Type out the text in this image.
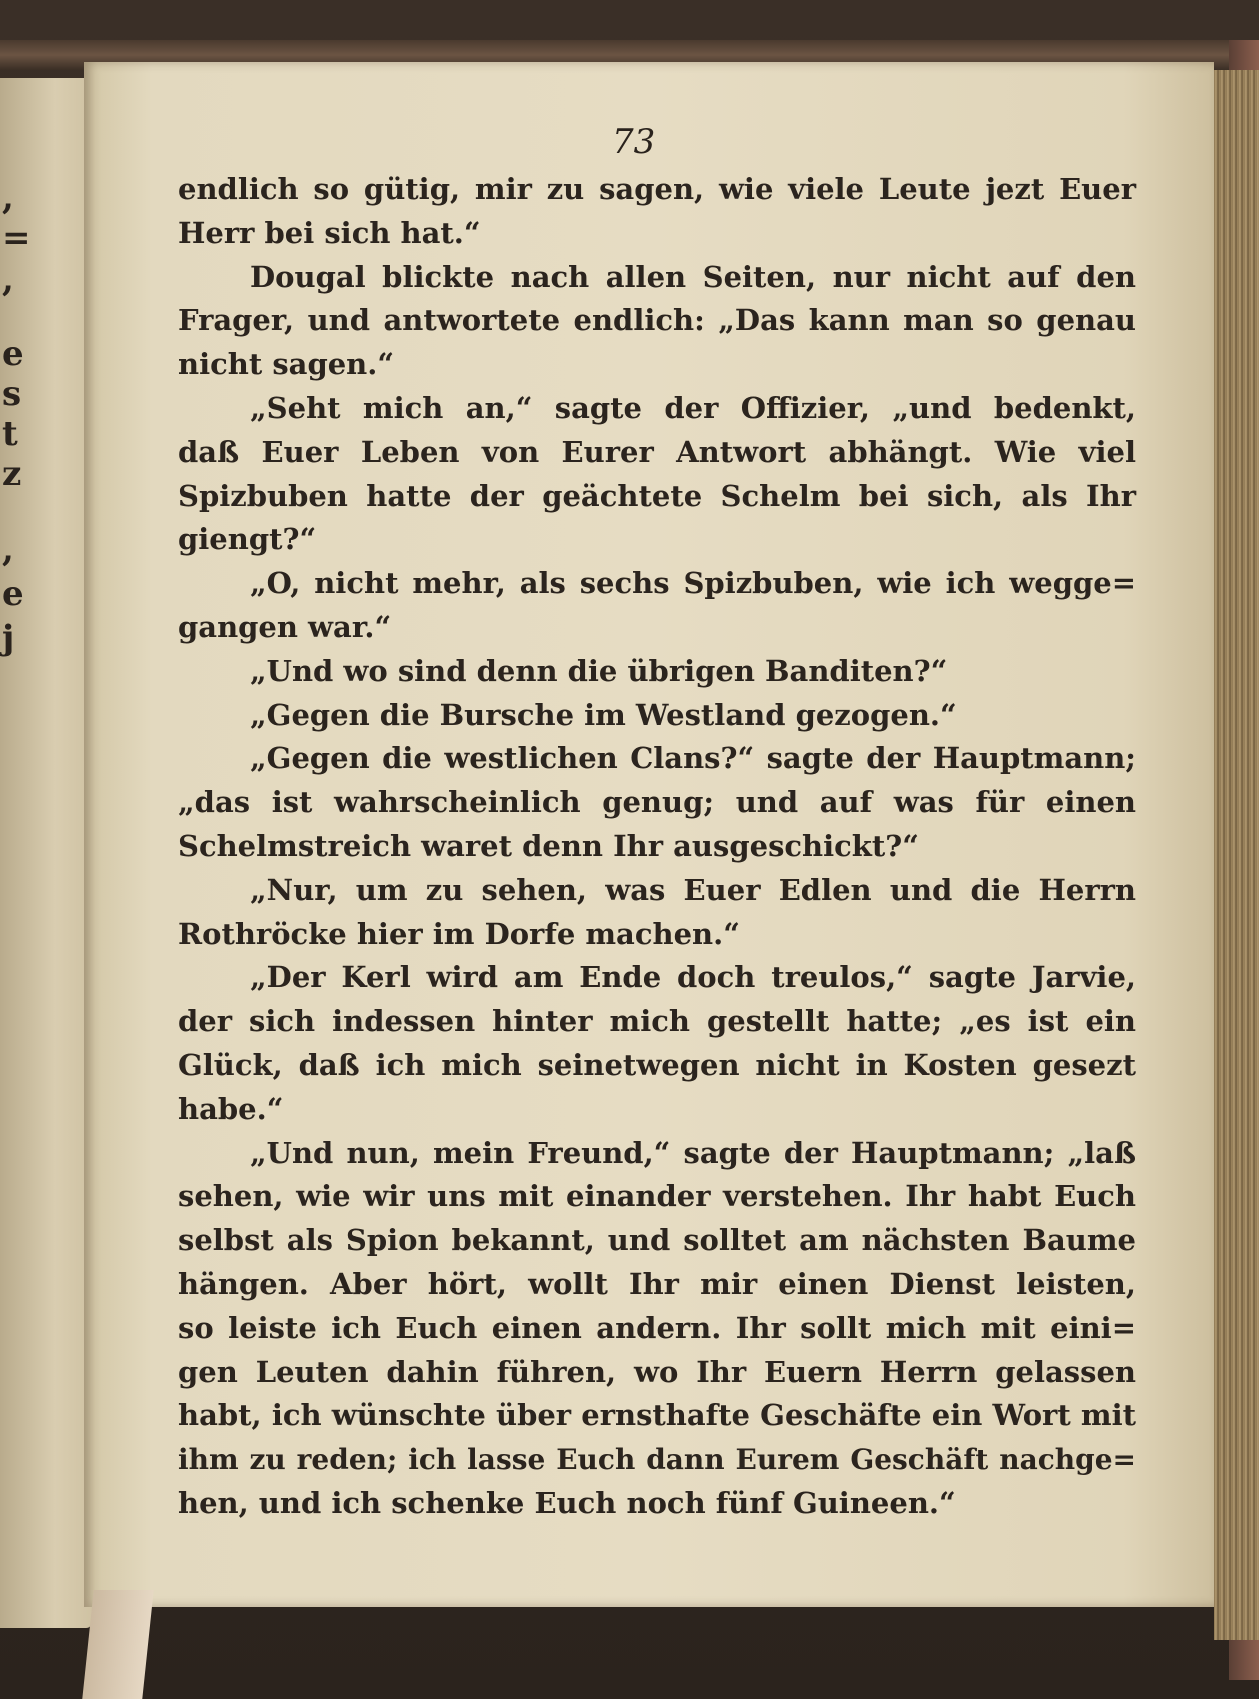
,
=
,
e
s
t
z
,
e
j
73
endlich so gütig, mir zu sagen, wie viele Leute jezt Euer
Herr bei sich hat.“
Dougal blickte nach allen Seiten, nur nicht auf den
Frager, und antwortete endlich: „Das kann man so genau
nicht sagen.“
„Seht mich an,“ sagte der Offizier, „und bedenkt,
daß Euer Leben von Eurer Antwort abhängt. Wie viel
Spizbuben hatte der geächtete Schelm bei sich, als Ihr
giengt?“
„O, nicht mehr, als sechs Spizbuben, wie ich wegge=
gangen war.“
„Und wo sind denn die übrigen Banditen?“
„Gegen die Bursche im Westland gezogen.“
„Gegen die westlichen Clans?“ sagte der Hauptmann;
„das ist wahrscheinlich genug; und auf was für einen
Schelmstreich waret denn Ihr ausgeschickt?“
„Nur, um zu sehen, was Euer Edlen und die Herrn
Rothröcke hier im Dorfe machen.“
„Der Kerl wird am Ende doch treulos,“ sagte Jarvie,
der sich indessen hinter mich gestellt hatte; „es ist ein
Glück, daß ich mich seinetwegen nicht in Kosten gesezt
habe.“
„Und nun, mein Freund,“ sagte der Hauptmann; „laß
sehen, wie wir uns mit einander verstehen. Ihr habt Euch
selbst als Spion bekannt, und solltet am nächsten Baume
hängen. Aber hört, wollt Ihr mir einen Dienst leisten,
so leiste ich Euch einen andern. Ihr sollt mich mit eini=
gen Leuten dahin führen, wo Ihr Euern Herrn gelassen
habt, ich wünschte über ernsthafte Geschäfte ein Wort mit
ihm zu reden; ich lasse Euch dann Eurem Geschäft nachge=
hen, und ich schenke Euch noch fünf Guineen.“
